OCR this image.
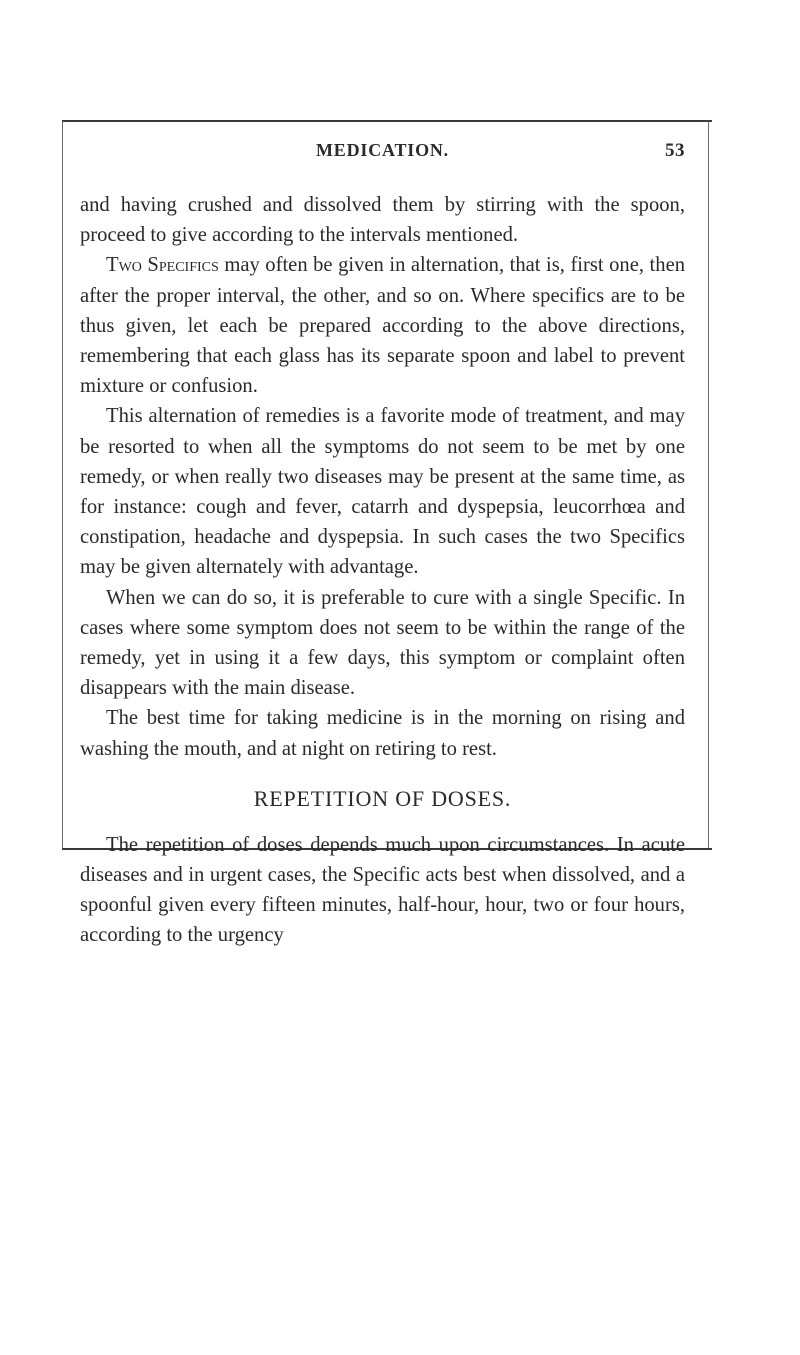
MEDICATION.	53

and having crushed and dissolved them by stirring with the spoon, proceed to give according to the intervals mentioned.

Two Specifics may often be given in alternation, that is, first one, then after the proper interval, the other, and so on. Where specifics are to be thus given, let each be prepared according to the above directions, remembering that each glass has its separate spoon and label to prevent mixture or confusion.

This alternation of remedies is a favorite mode of treatment, and may be resorted to when all the symptoms do not seem to be met by one remedy, or when really two diseases may be present at the same time, as for instance: cough and fever, catarrh and dyspepsia, leucorrhœa and constipation, headache and dyspepsia. In such cases the two Specifics may be given alternately with advantage.

When we can do so, it is preferable to cure with a single Specific. In cases where some symptom does not seem to be within the range of the remedy, yet in using it a few days, this symptom or complaint often disappears with the main disease.

The best time for taking medicine is in the morning on rising and washing the mouth, and at night on retiring to rest.

REPETITION OF DOSES.

The repetition of doses depends much upon circumstances. In acute diseases and in urgent cases, the Specific acts best when dissolved, and a spoonful given every fifteen minutes, half-hour, hour, two or four hours, according to the urgency
